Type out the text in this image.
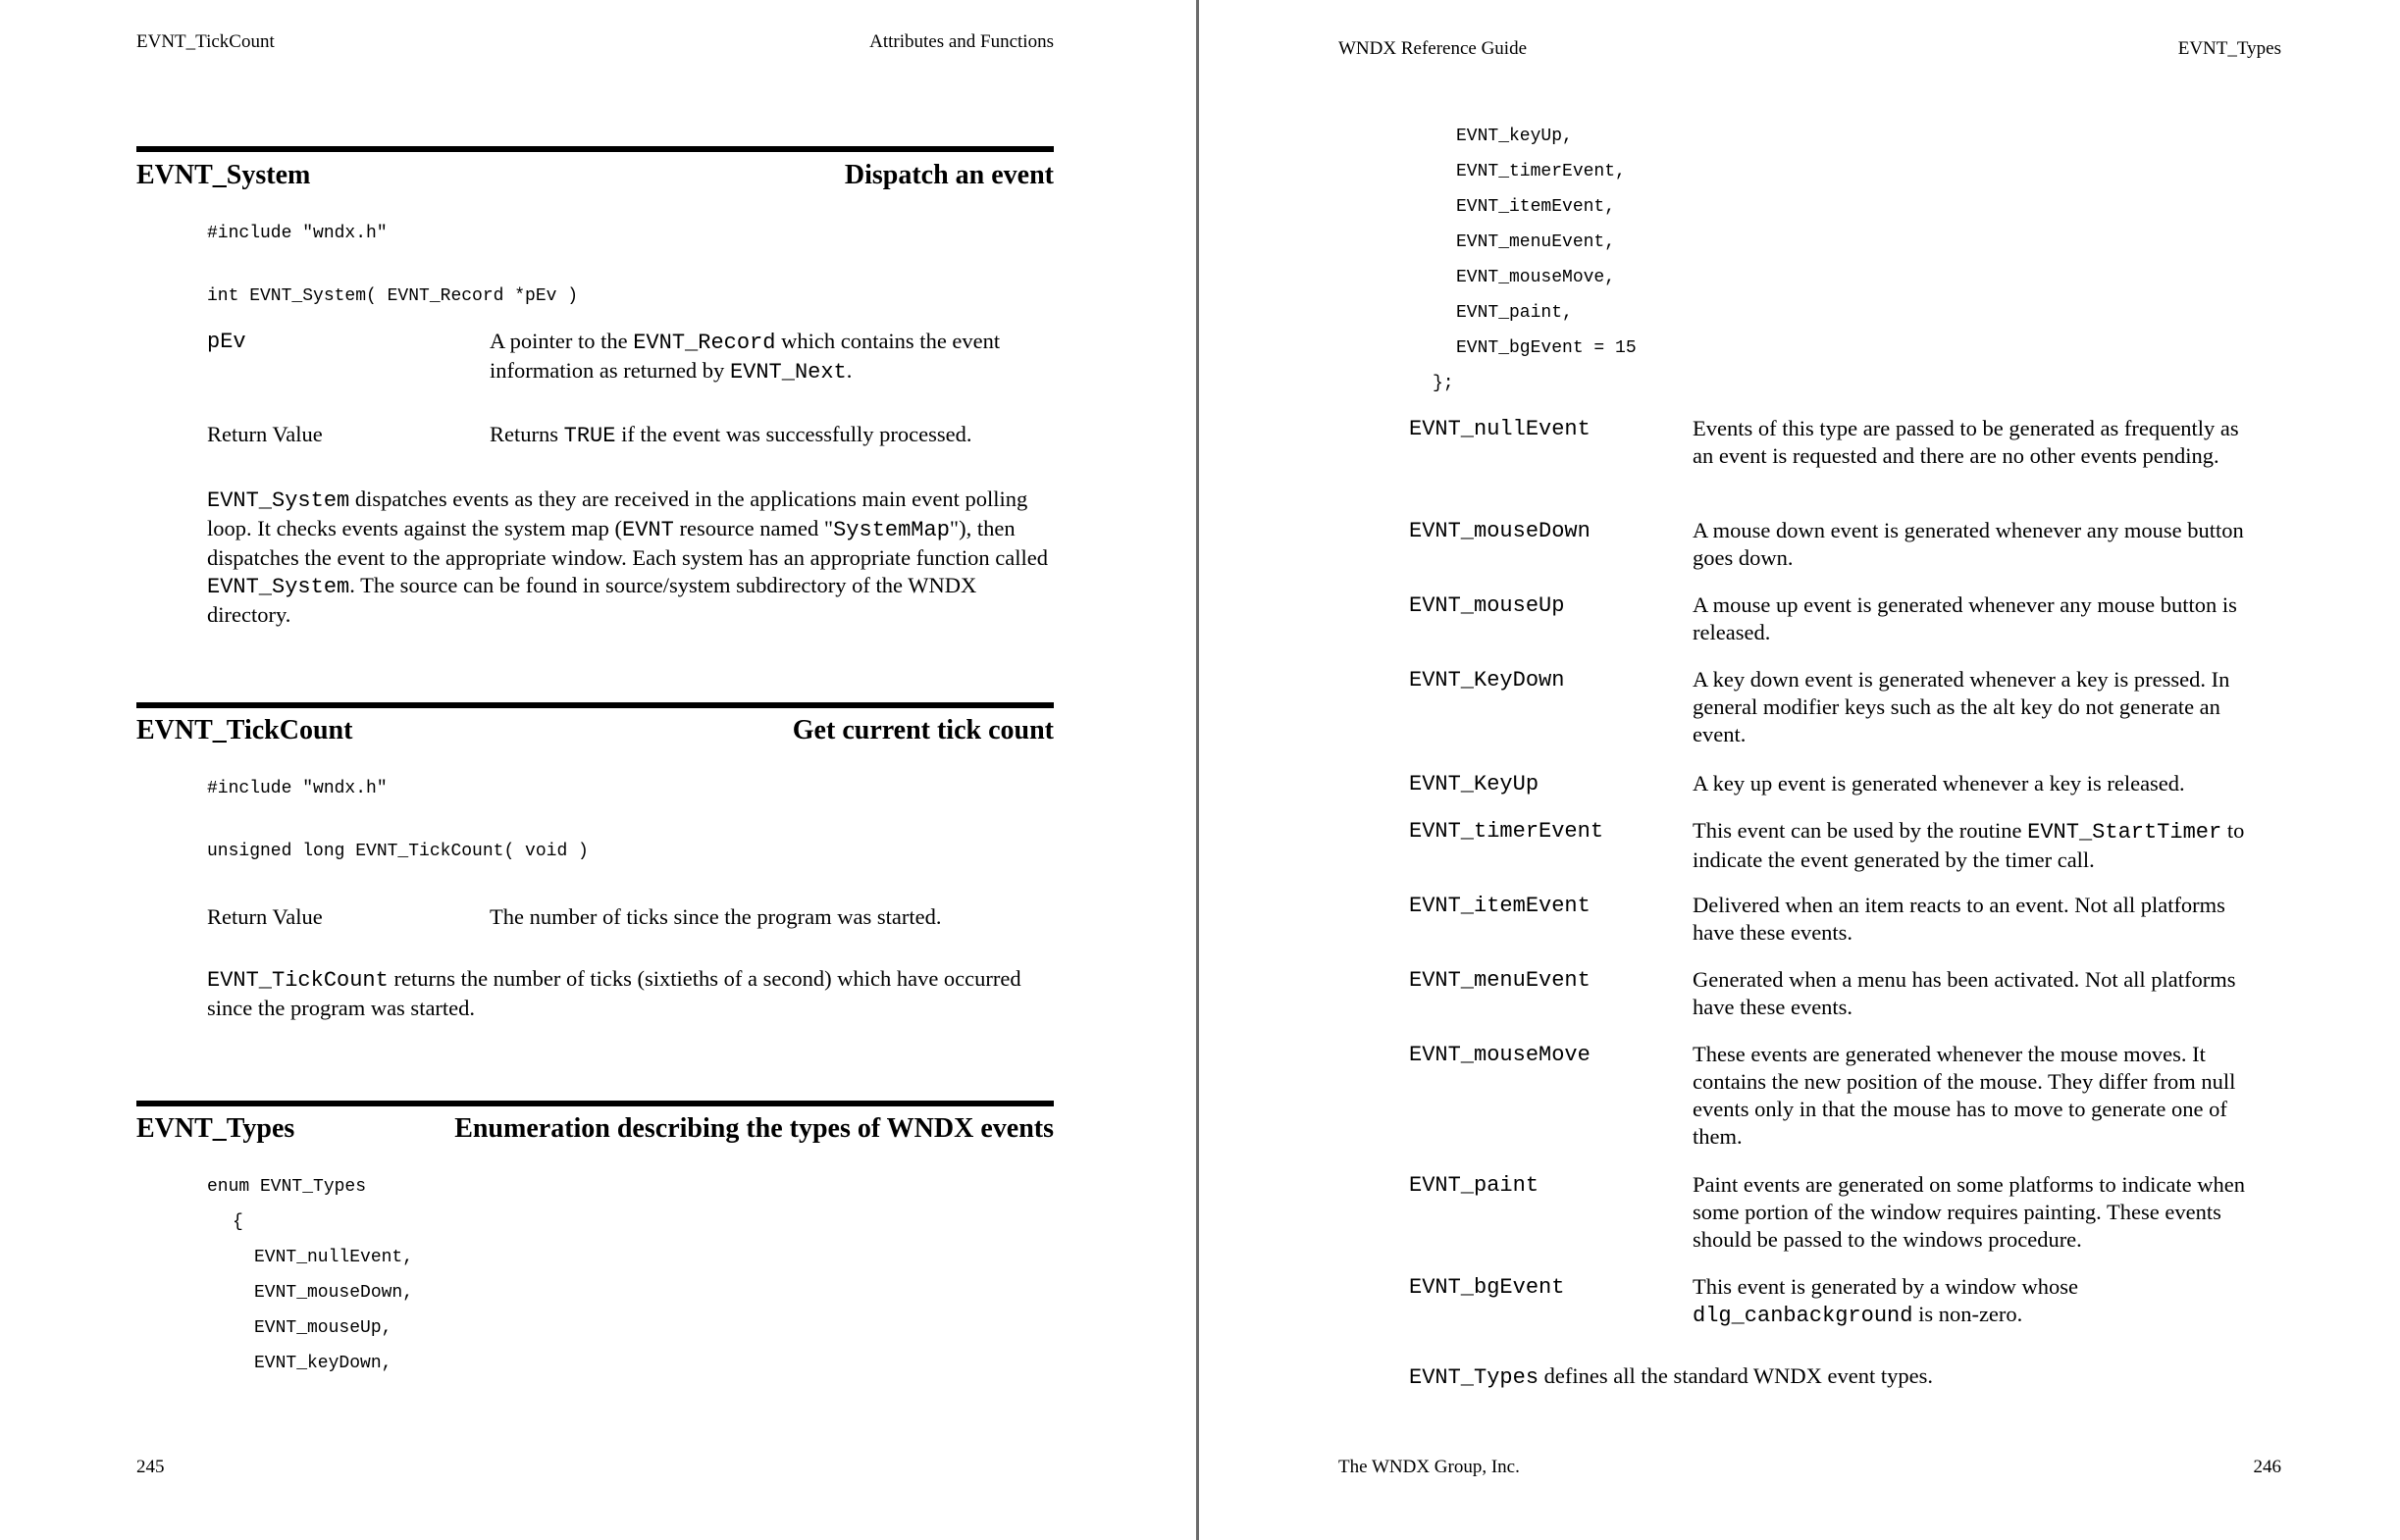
EVNT_TickCount	Attributes and Functions
EVNT_System	Dispatch an event
#include "wndx.h"
int EVNT_System( EVNT_Record *pEv )
pEv	A pointer to the EVNT_Record which contains the event information as returned by EVNT_Next.
Return Value	Returns TRUE if the event was successfully processed.
EVNT_System dispatches events as they are received in the applications main event polling loop. It checks events against the system map (EVNT resource named "SystemMap"), then dispatches the event to the appropriate window. Each system has an appropriate function called EVNT_System. The source can be found in source/system subdirectory of the WNDX directory.
EVNT_TickCount	Get current tick count
#include "wndx.h"
unsigned long EVNT_TickCount( void )
Return Value	The number of ticks since the program was started.
EVNT_TickCount returns the number of ticks (sixtieths of a second) which have occurred since the program was started.
EVNT_Types	Enumeration describing the types of WNDX events
enum EVNT_Types
{
EVNT_nullEvent,
EVNT_mouseDown,
EVNT_mouseUp,
EVNT_keyDown,
245
WNDX Reference Guide	EVNT_Types
EVNT_keyUp,
EVNT_timerEvent,
EVNT_itemEvent,
EVNT_menuEvent,
EVNT_mouseMove,
EVNT_paint,
EVNT_bgEvent = 15
};
EVNT_nullEvent	Events of this type are passed to be generated as frequently as an event is requested and there are no other events pending.
EVNT_mouseDown	A mouse down event is generated whenever any mouse button goes down.
EVNT_mouseUp	A mouse up event is generated whenever any mouse button is released.
EVNT_KeyDown	A key down event is generated whenever a key is pressed. In general modifier keys such as the alt key do not generate an event.
EVNT_KeyUp	A key up event is generated whenever a key is released.
EVNT_timerEvent	This event can be used by the routine EVNT_StartTimer to indicate the event generated by the timer call.
EVNT_itemEvent	Delivered when an item reacts to an event. Not all platforms have these events.
EVNT_menuEvent	Generated when a menu has been activated. Not all platforms have these events.
EVNT_mouseMove	These events are generated whenever the mouse moves. It contains the new position of the mouse. They differ from null events only in that the mouse has to move to generate one of them.
EVNT_paint	Paint events are generated on some platforms to indicate when some portion of the window requires painting. These events should be passed to the windows procedure.
EVNT_bgEvent	This event is generated by a window whose dlg_canbackground is non-zero.
EVNT_Types defines all the standard WNDX event types.
The WNDX Group, Inc.	246
